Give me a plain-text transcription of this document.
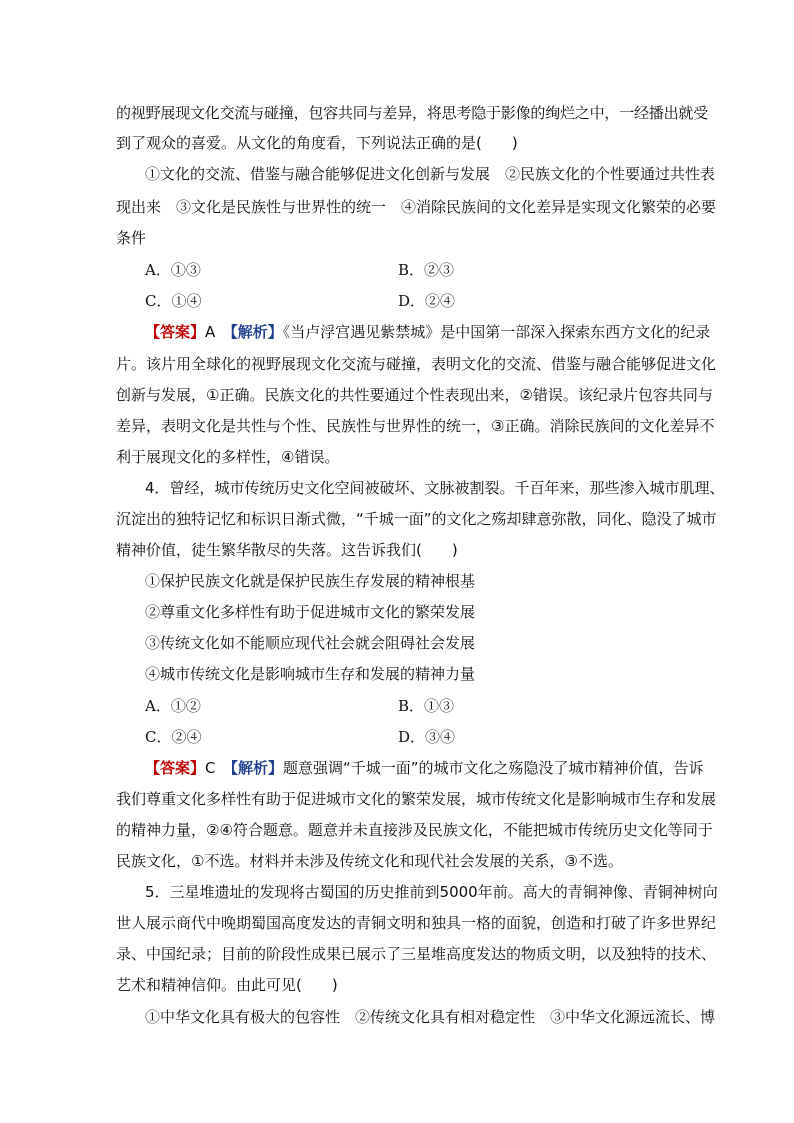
的视野展现文化交流与碰撞，包容共同与差异，将思考隐于影像的绚烂之中，一经播出就受
到了观众的喜爱。从文化的角度看，下列说法正确的是(　　)
①文化的交流、借鉴与融合能够促进文化创新与发展　②民族文化的个性要通过共性表
现出来　③文化是民族性与世界性的统一　④消除民族间的文化差异是实现文化繁荣的必要
条件
A．①③	B．②③
C．①④	D．②④
【答案】A　【解析】《当卢浮宫遇见紫禁城》是中国第一部深入探索东西方文化的纪录
片。该片用全球化的视野展现文化交流与碰撞，表明文化的交流、借鉴与融合能够促进文化
创新与发展，①正确。民族文化的共性要通过个性表现出来，②错误。该纪录片包容共同与
差异，表明文化是共性与个性、民族性与世界性的统一，③正确。消除民族间的文化差异不
利于展现文化的多样性，④错误。
4．曾经，城市传统历史文化空间被破坏、文脉被割裂。千百年来，那些渗入城市肌理、
沉淀出的独特记忆和标识日渐式微，“千城一面”的文化之殇却肆意弥散，同化、隐没了城市
精神价值，徒生繁华散尽的失落。这告诉我们(　　)
①保护民族文化就是保护民族生存发展的精神根基
②尊重文化多样性有助于促进城市文化的繁荣发展
③传统文化如不能顺应现代社会就会阻碍社会发展
④城市传统文化是影响城市生存和发展的精神力量
A．①②	B．①③
C．②④	D．③④
【答案】C　【解析】题意强调“千城一面”的城市文化之殇隐没了城市精神价值，告诉
我们尊重文化多样性有助于促进城市文化的繁荣发展，城市传统文化是影响城市生存和发展
的精神力量，②④符合题意。题意并未直接涉及民族文化，不能把城市传统历史文化等同于
民族文化，①不选。材料并未涉及传统文化和现代社会发展的关系，③不选。
5．三星堆遗址的发现将古蜀国的历史推前到5000年前。高大的青铜神像、青铜神树向
世人展示商代中晚期蜀国高度发达的青铜文明和独具一格的面貌，创造和打破了许多世界纪
录、中国纪录；目前的阶段性成果已展示了三星堆高度发达的物质文明，以及独特的技术、
艺术和精神信仰。由此可见(　　)
①中华文化具有极大的包容性　②传统文化具有相对稳定性　③中华文化源远流长、博
